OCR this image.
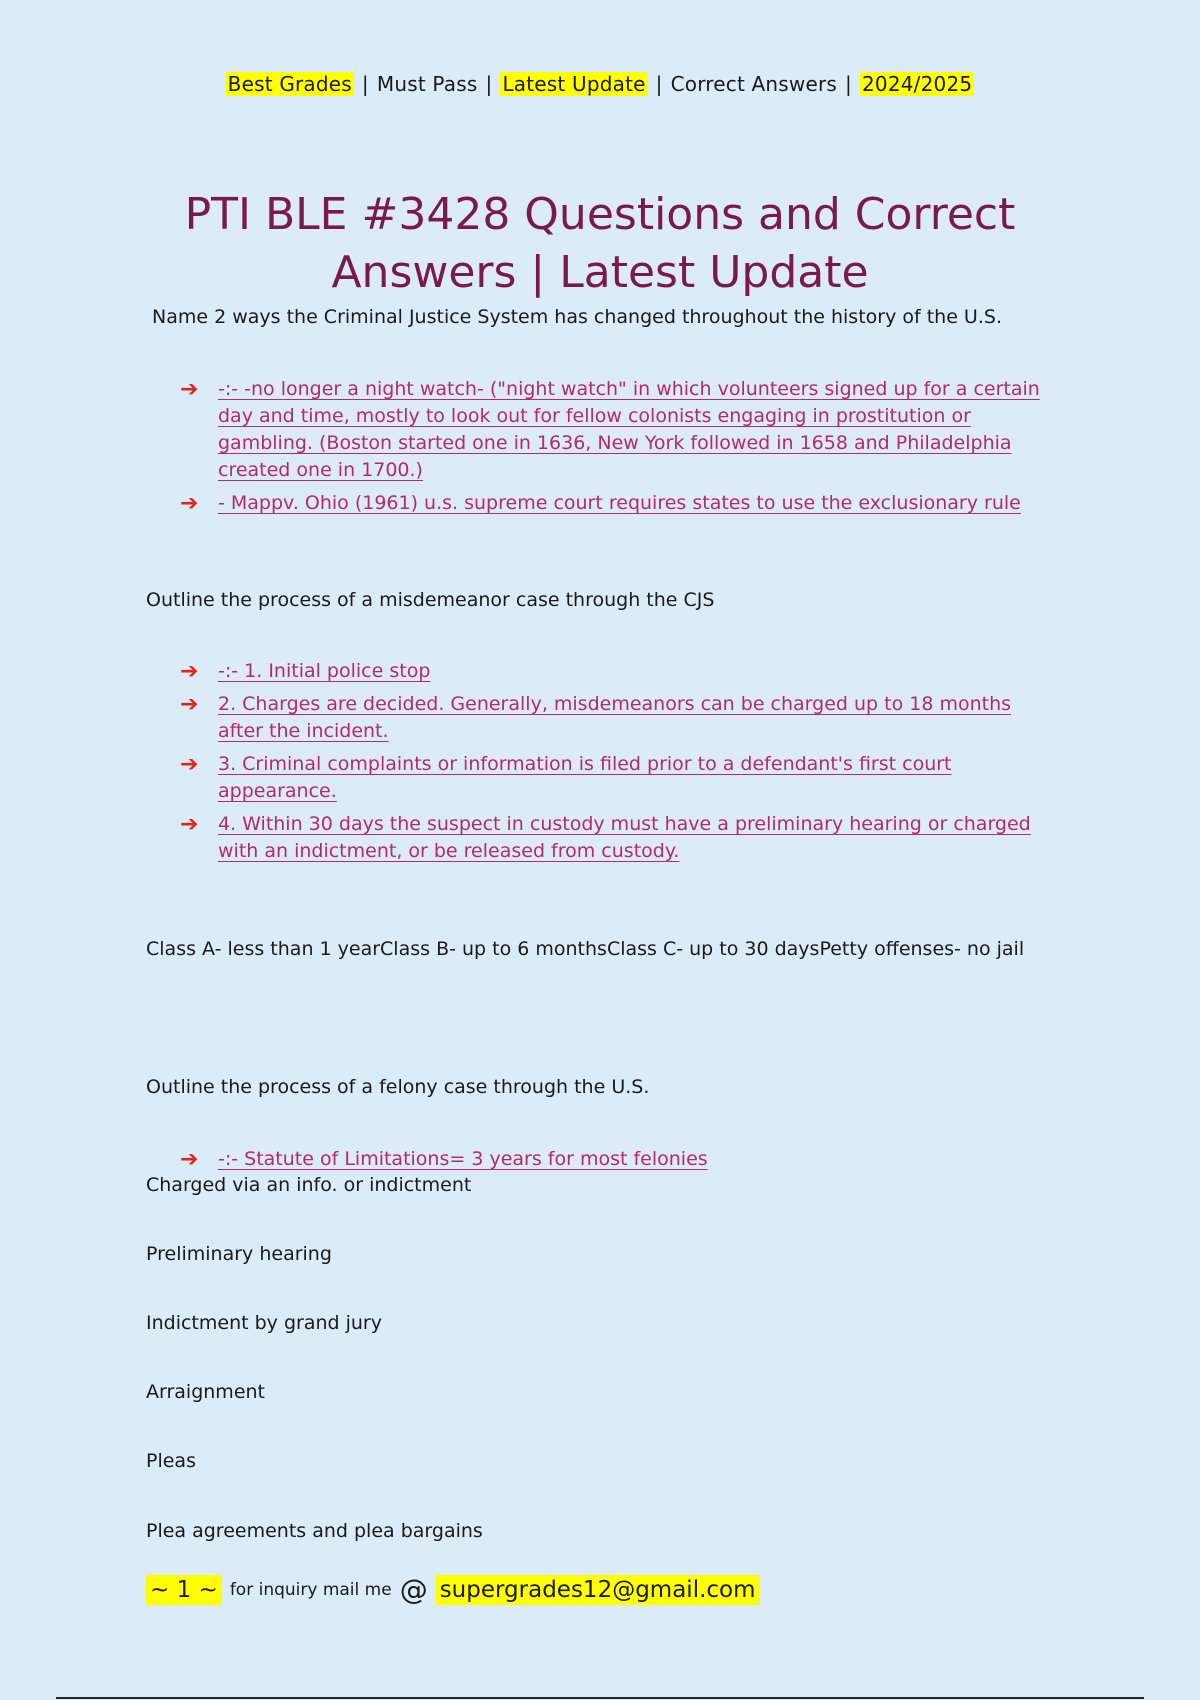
Best Grades | Must Pass | Latest Update | Correct Answers | 2024/2025
PTI BLE #3428 Questions and Correct Answers | Latest Update

Name 2 ways the Criminal Justice System has changed throughout the history of the U.S.

➔ -:- -no longer a night watch- ("night watch" in which volunteers signed up for a certain day and time, mostly to look out for fellow colonists engaging in prostitution or gambling. (Boston started one in 1636, New York followed in 1658 and Philadelphia created one in 1700.)
➔ - Mappv. Ohio (1961) u.s. supreme court requires states to use the exclusionary rule

Outline the process of a misdemeanor case through the CJS

➔ -:- 1. Initial police stop
➔ 2. Charges are decided. Generally, misdemeanors can be charged up to 18 months after the incident.
➔ 3. Criminal complaints or information is filed prior to a defendant's first court appearance.
➔ 4. Within 30 days the suspect in custody must have a preliminary hearing or charged with an indictment, or be released from custody.

Class A- less than 1 yearClass B- up to 6 monthsClass C- up to 30 daysPetty offenses- no jail

Outline the process of a felony case through the U.S.

➔ -:- Statute of Limitations= 3 years for most felonies

Charged via an info. or indictment

Preliminary hearing

Indictment by grand jury

Arraignment

Pleas

Plea agreements and plea bargains

~ 1 ~ for inquiry mail me @ supergrades12@gmail.com
